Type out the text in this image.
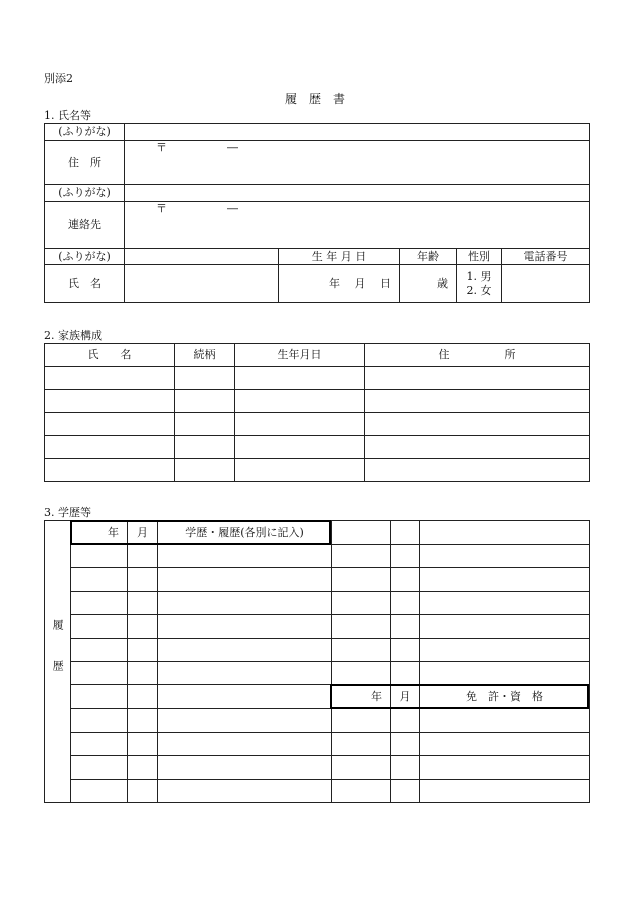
別添2
履　歴　書
1. 氏名等
(ふりがな)					
住　所	〒 ―				
(ふりがな)					
連絡先	〒 ―				
(ふりがな)		生 年 月 日	年齢	性別	電話番号
氏　名		年　 月　 日	歳	1. 男
2. 女	

2. 家族構成
氏　　名	続柄	生年月日	住　　　　　所

3. 学歴等
履歴	年	月	学歴・履歴(各別に記入)			

				年	月	免　許・資　格
